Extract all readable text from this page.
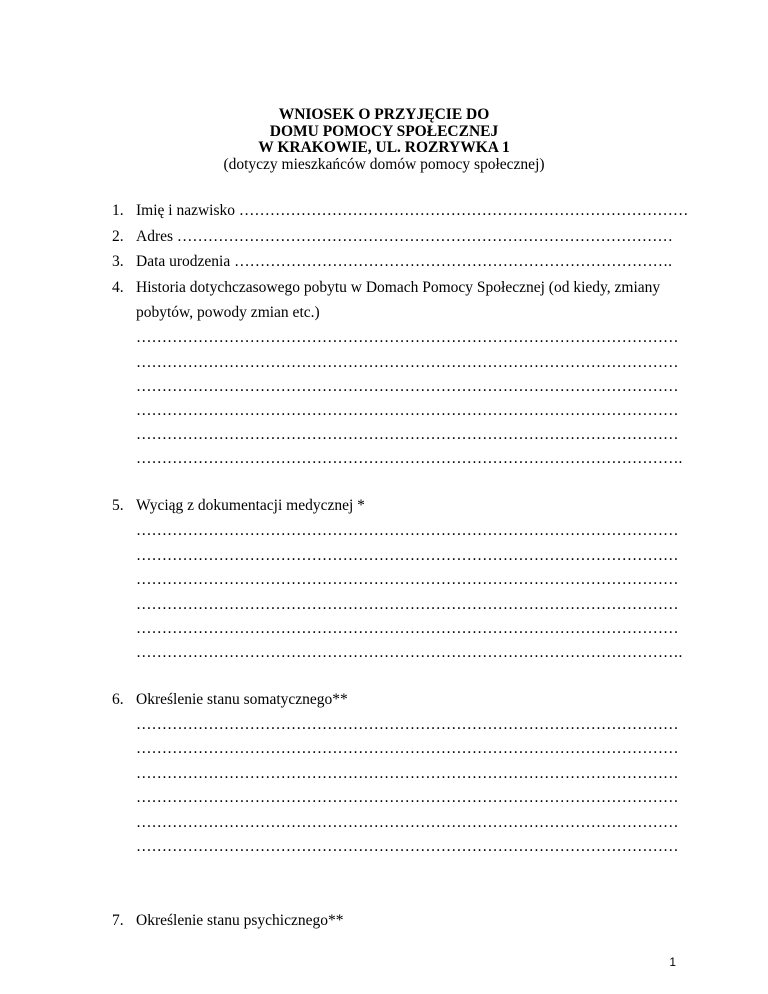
WNIOSEK O PRZYJĘCIE DO
DOMU POMOCY SPOŁECZNEJ
W KRAKOWIE, UL. ROZRYWKA 1
(dotyczy mieszkańców domów pomocy społecznej)
1. Imię i nazwisko ……………………………………………………………………………
2. Adres ……………………………………………………………………………………
3. Data urodzenia ………………………………………………………………………….
4. Historia dotychczasowego pobytu w Domach Pomocy Społecznej (od kiedy, zmiany
pobytów, powody zmian etc.)
……………………………………………………………………………………………
……………………………………………………………………………………………
……………………………………………………………………………………………
……………………………………………………………………………………………
……………………………………………………………………………………………
…………………………………………………………………………………………….
5. Wyciąg z dokumentacji medycznej *
……………………………………………………………………………………………
……………………………………………………………………………………………
……………………………………………………………………………………………
……………………………………………………………………………………………
……………………………………………………………………………………………
…………………………………………………………………………………………….
6. Określenie stanu somatycznego**
……………………………………………………………………………………………
……………………………………………………………………………………………
……………………………………………………………………………………………
……………………………………………………………………………………………
……………………………………………………………………………………………
……………………………………………………………………………………………
7. Określenie stanu psychicznego**
1
